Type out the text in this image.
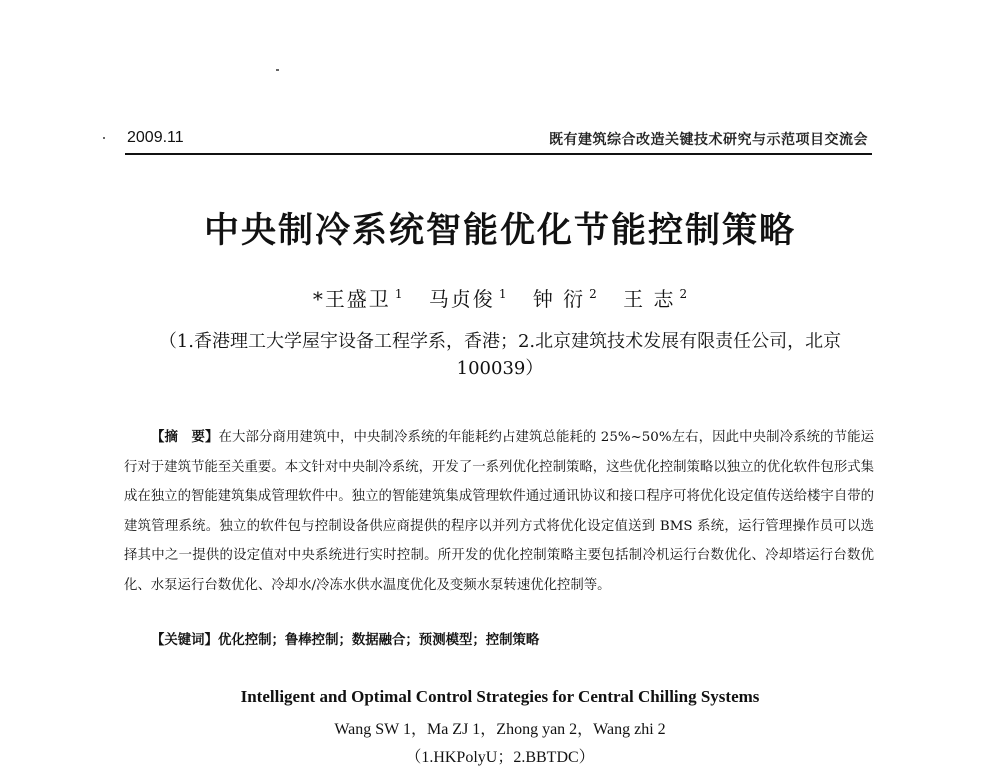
2009.11	既有建筑综合改造关键技术研究与示范项目交流会
中央制冷系统智能优化节能控制策略
*王盛卫 $^1$ 马贞俊 $^1$ 钟 衍 $^2$ 王 志 $^2$
（1.香港理工大学屋宇设备工程学系，香港；2.北京建筑技术发展有限责任公司，北京 100039）
【摘　要】在大部分商用建筑中，中央制冷系统的年能耗约占建筑总能耗的 25%~50%左右，因此中央制冷系统的节能运行对于建筑节能至关重要。本文针对中央制冷系统，开发了一系列优化控制策略，这些优化控制策略以独立的优化软件包形式集成在独立的智能建筑集成管理软件中。独立的智能建筑集成管理软件通过通讯协议和接口程序可将优化设定值传送给楼宇自带的建筑管理系统。独立的软件包与控制设备供应商提供的程序以并列方式将优化设定值送到 BMS 系统，运行管理操作员可以选择其中之一提供的设定值对中央系统进行实时控制。所开发的优化控制策略主要包括制冷机运行台数优化、冷却塔运行台数优化、水泵运行台数优化、冷却水/冷冻水供水温度优化及变频水泵转速优化控制等。
【关键词】优化控制；鲁棒控制；数据融合；预测模型；控制策略
Intelligent and Optimal Control Strategies for Central Chilling Systems
Wang SW 1，Ma ZJ 1，Zhong yan 2，Wang zhi 2
（1.HKPolyU；2.BBTDC）
